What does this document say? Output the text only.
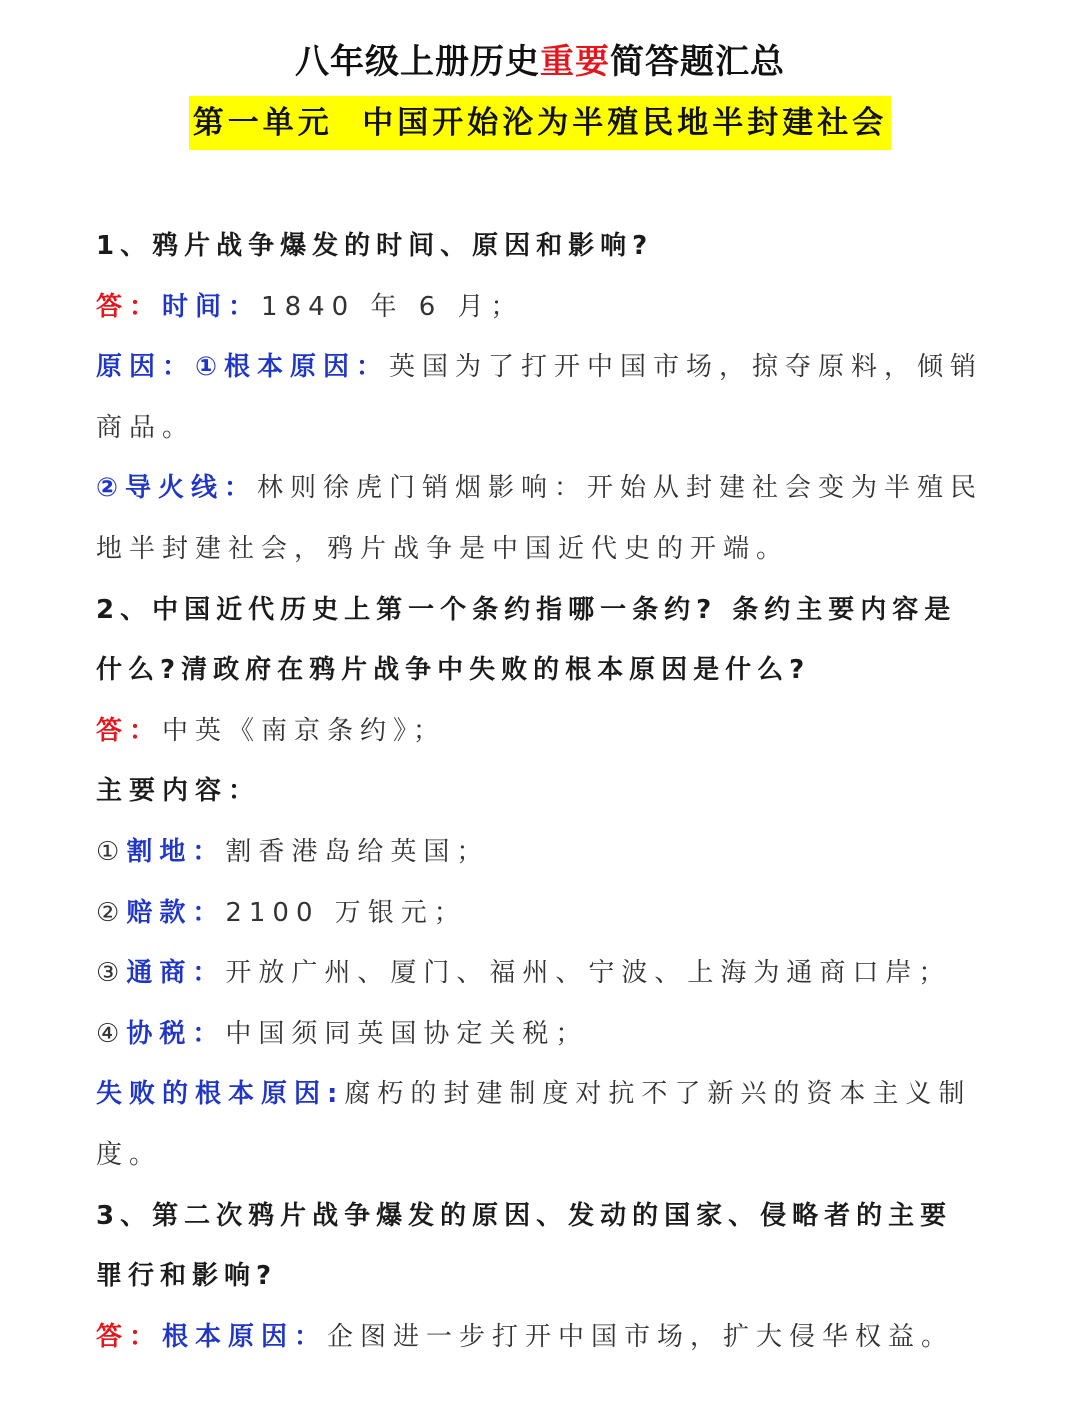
八年级上册历史重要简答题汇总
第一单元  中国开始沦为半殖民地半封建社会
1、鸦片战争爆发的时间、原因和影响?
答：时间：1840 年 6 月；
原因：①根本原因：英国为了打开中国市场，掠夺原料，倾销
商品。
②导火线：林则徐虎门销烟影响：开始从封建社会变为半殖民
地半封建社会，鸦片战争是中国近代史的开端。
2、中国近代历史上第一个条约指哪一条约? 条约主要内容是
什么?清政府在鸦片战争中失败的根本原因是什么?
答：中英《南京条约》；
主要内容：
①割地：割香港岛给英国；
②赔款：2100 万银元；
③通商：开放广州、厦门、福州、宁波、上海为通商口岸；
④协税：中国须同英国协定关税；
失败的根本原因:腐朽的封建制度对抗不了新兴的资本主义制
度。
3、第二次鸦片战争爆发的原因、发动的国家、侵略者的主要
罪行和影响?
答：根本原因：企图进一步打开中国市场，扩大侵华权益。
